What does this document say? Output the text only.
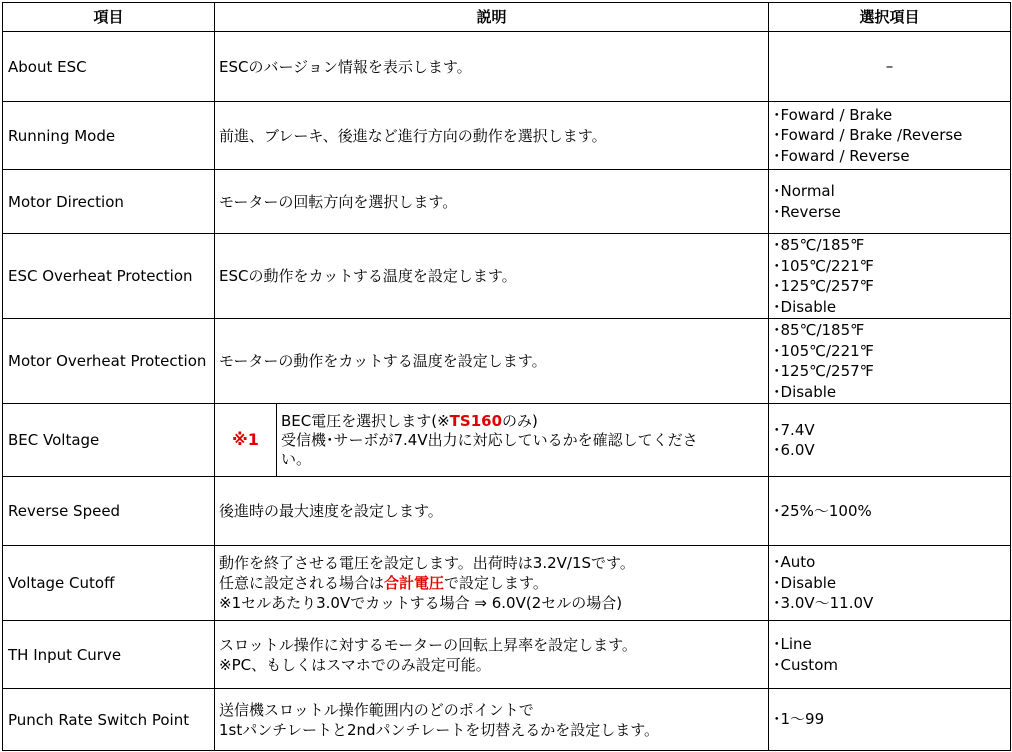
項目	説明		選択項目
About ESC	ESCのバージョン情報を表示します。		–

Running Mode	前進、ブレーキ、後進など進行方向の動作を選択します。		･Foward / Brake
･Foward / Brake /Reverse
･Foward / Reverse

Motor Direction	モーターの回転方向を選択します。		･Normal
･Reverse

ESC Overheat Protection	ESCの動作をカットする温度を設定します。		･85℃/185℉
･105℃/221℉
･125℃/257℉
･Disable

Motor Overheat Protection	モーターの動作をカットする温度を設定します。		･85℃/185℉
･105℃/221℉
･125℃/257℉
･Disable

BEC Voltage	※1	BEC電圧を選択します(※TS160のみ)
受信機･サーボが7.4V出力に対応しているかを確認してくださ
い。	･7.4V
･6.0V

Reverse Speed	後進時の最大速度を設定します。		･25%～100%

Voltage Cutoff	動作を終了させる電圧を設定します。出荷時は3.2V/1Sです。
任意に設定される場合は合計電圧で設定します。
※1セルあたり3.0Vでカットする場合 ⇒ 6.0V(2セルの場合)		･Auto
･Disable
･3.0V～11.0V

TH Input Curve	スロットル操作に対するモーターの回転上昇率を設定します。
※PC、もしくはスマホでのみ設定可能。		･Line
･Custom

Punch Rate Switch Point	送信機スロットル操作範囲内のどのポイントで
1stパンチレートと2ndパンチレートを切替えるかを設定します。		･1～99
